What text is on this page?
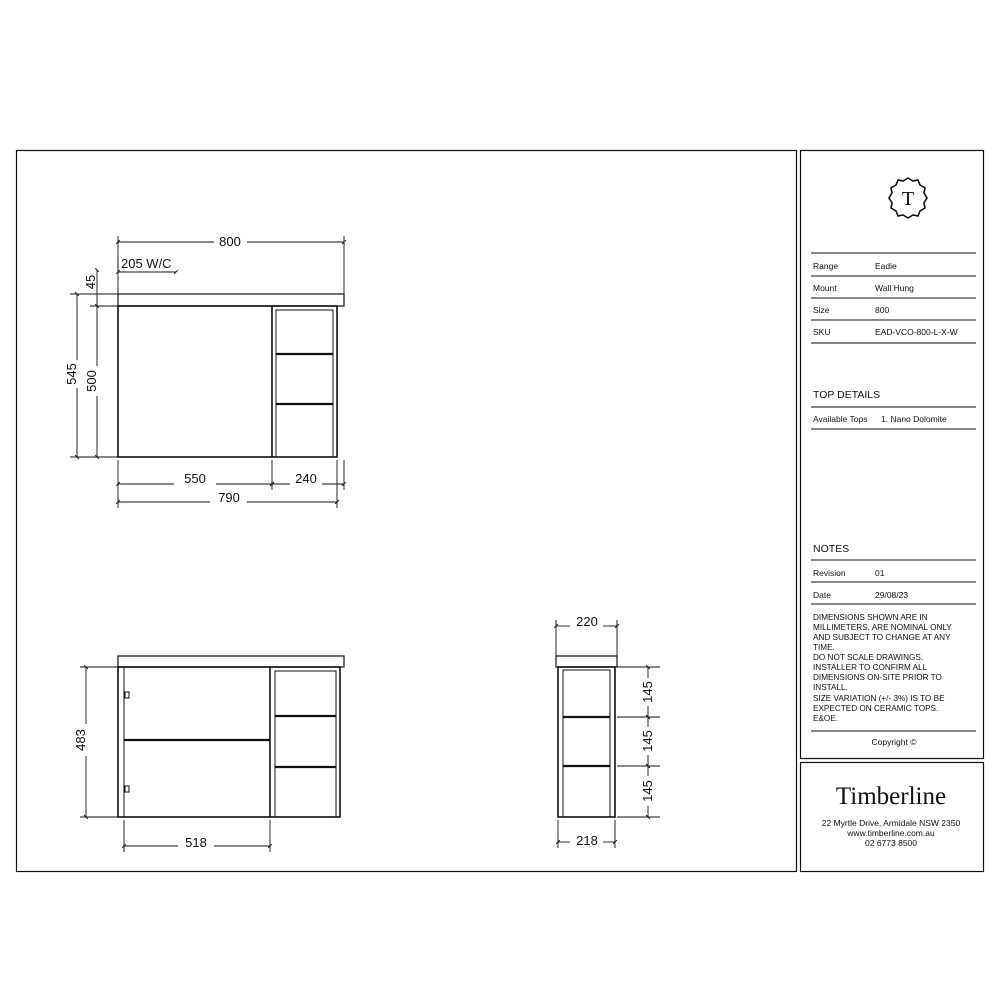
800
205 W/C
45
545 500
550	240
790
483
518
220
145
145
145
218
T
Range	Eadie
Mount	Wall Hung
Size	800
SKU	EAD-VCO-800-L-X-W
TOP DETAILS
Available Tops 1. Nano Dolomite
NOTES
Revision	01
Date	29/08/23
DIMENSIONS SHOWN ARE IN
MILLIMETERS, ARE NOMINAL ONLY
AND SUBJECT TO CHANGE AT ANY
TIME.
DO NOT SCALE DRAWINGS.
INSTALLER TO CONFIRM ALL
DIMENSIONS ON-SITE PRIOR TO
INSTALL.
SIZE VARIATION (+/- 3%) IS TO BE
EXPECTED ON CERAMIC TOPS.
E&OE.
Copyright ©
Timberline
22 Myrtle Drive, Armidale NSW 2350
www.timberline.com.au
02 6773 8500
